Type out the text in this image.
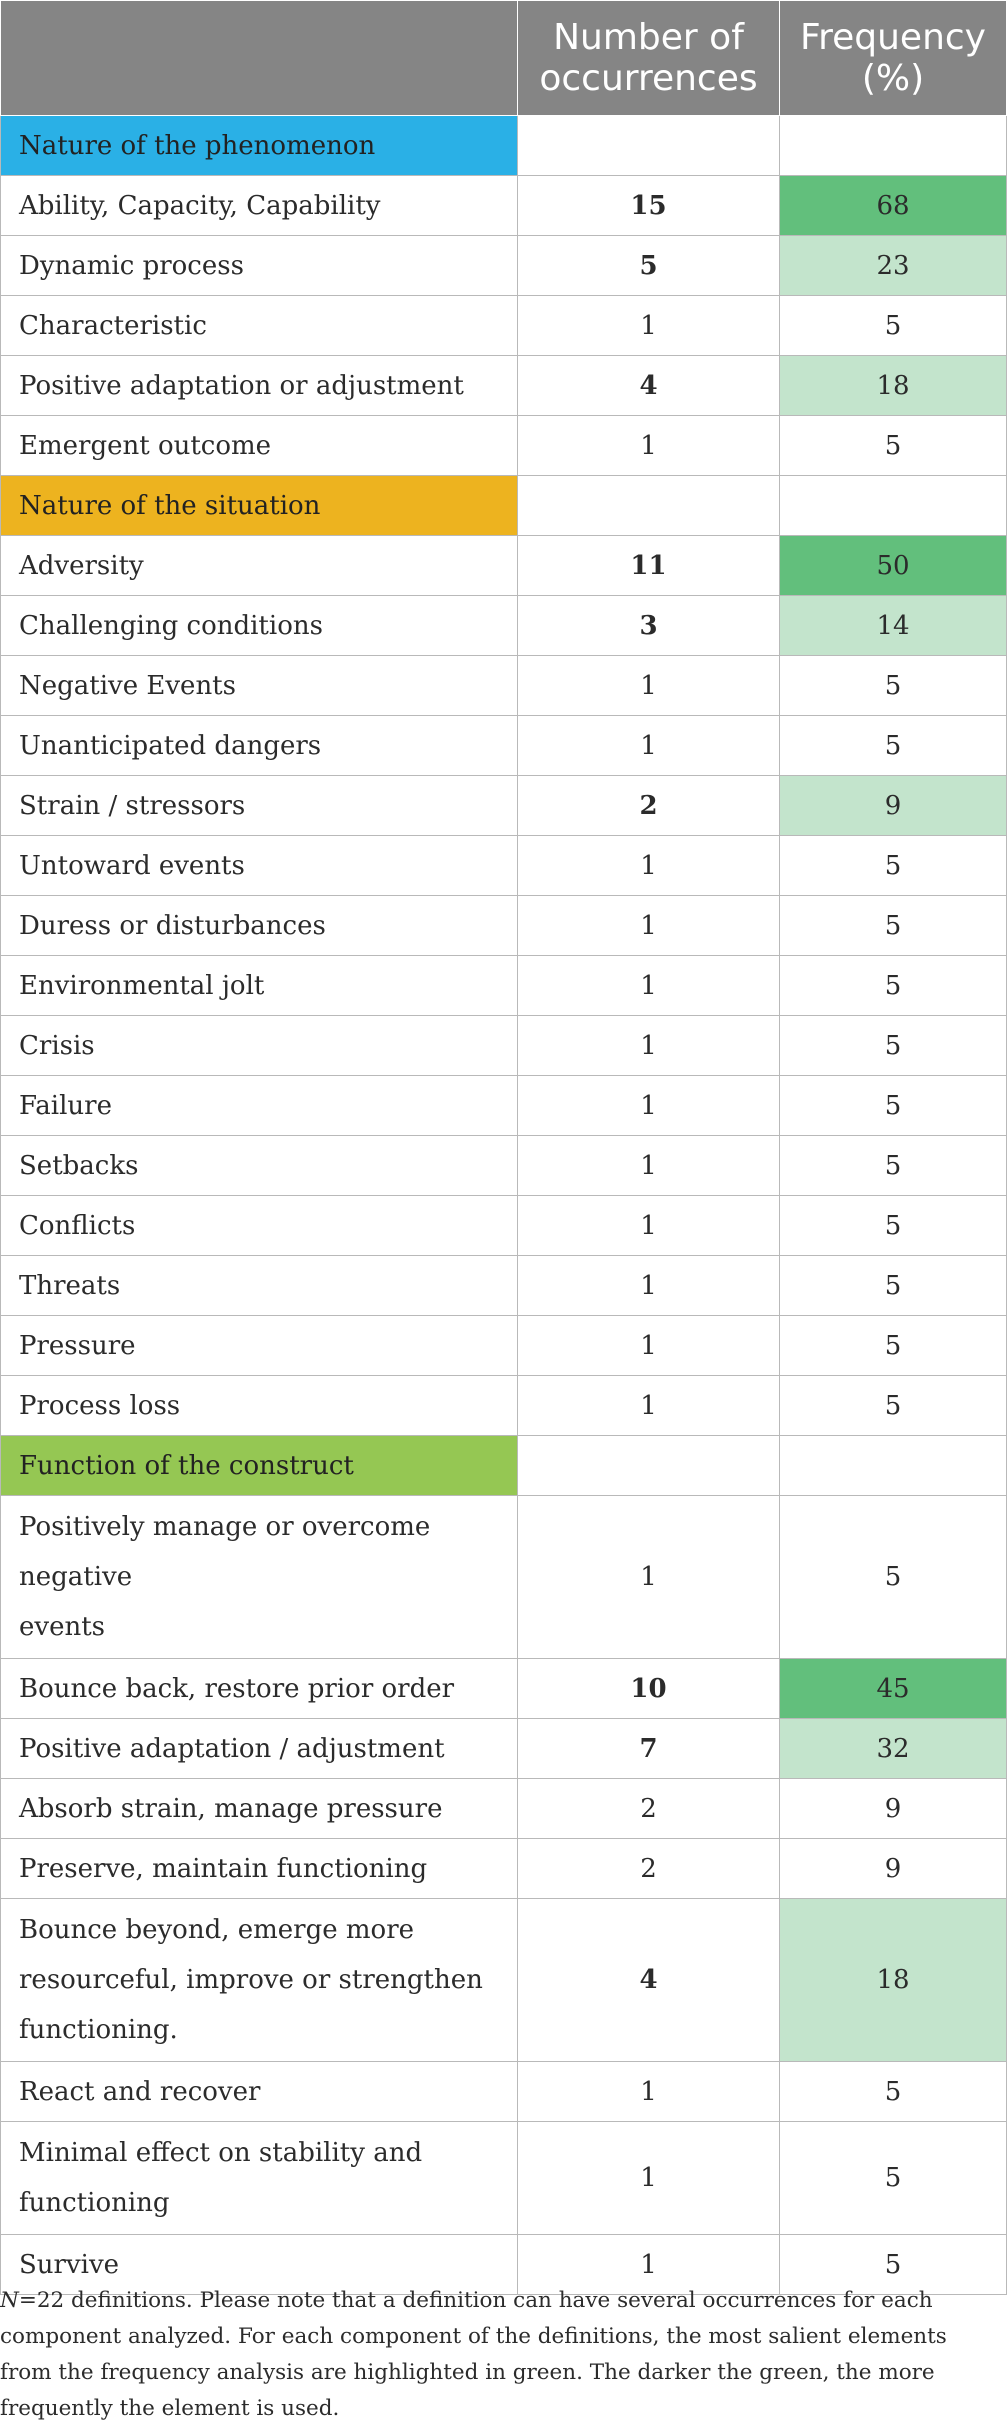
	Number of
occurrences	Frequency
(%)
Nature of the phenomenon		
Ability, Capacity, Capability	15	68
Dynamic process	5	23
Characteristic	1	5
Positive adaptation or adjustment	4	18
Emergent outcome	1	5
Nature of the situation		
Adversity	11	50
Challenging conditions	3	14
Negative Events	1	5
Unanticipated dangers	1	5
Strain / stressors	2	9
Untoward events	1	5
Duress or disturbances	1	5
Environmental jolt	1	5
Crisis	1	5
Failure	1	5
Setbacks	1	5
Conflicts	1	5
Threats	1	5
Pressure	1	5
Process loss	1	5
Function of the construct		
Positively manage or overcome negative
events	1	5
Bounce back, restore prior order	10	45
Positive adaptation / adjustment	7	32
Absorb strain, manage pressure	2	9
Preserve, maintain functioning	2	9
Bounce beyond, emerge more
resourceful, improve or strengthen
functioning.	4	18
React and recover	1	5
Minimal effect on stability and
functioning	1	5
Survive	1	5
N=22 definitions. Please note that a definition can have several occurrences for each component analyzed. For each component of the definitions, the most salient elements from the frequency analysis are highlighted in green. The darker the green, the more frequently the element is used.
